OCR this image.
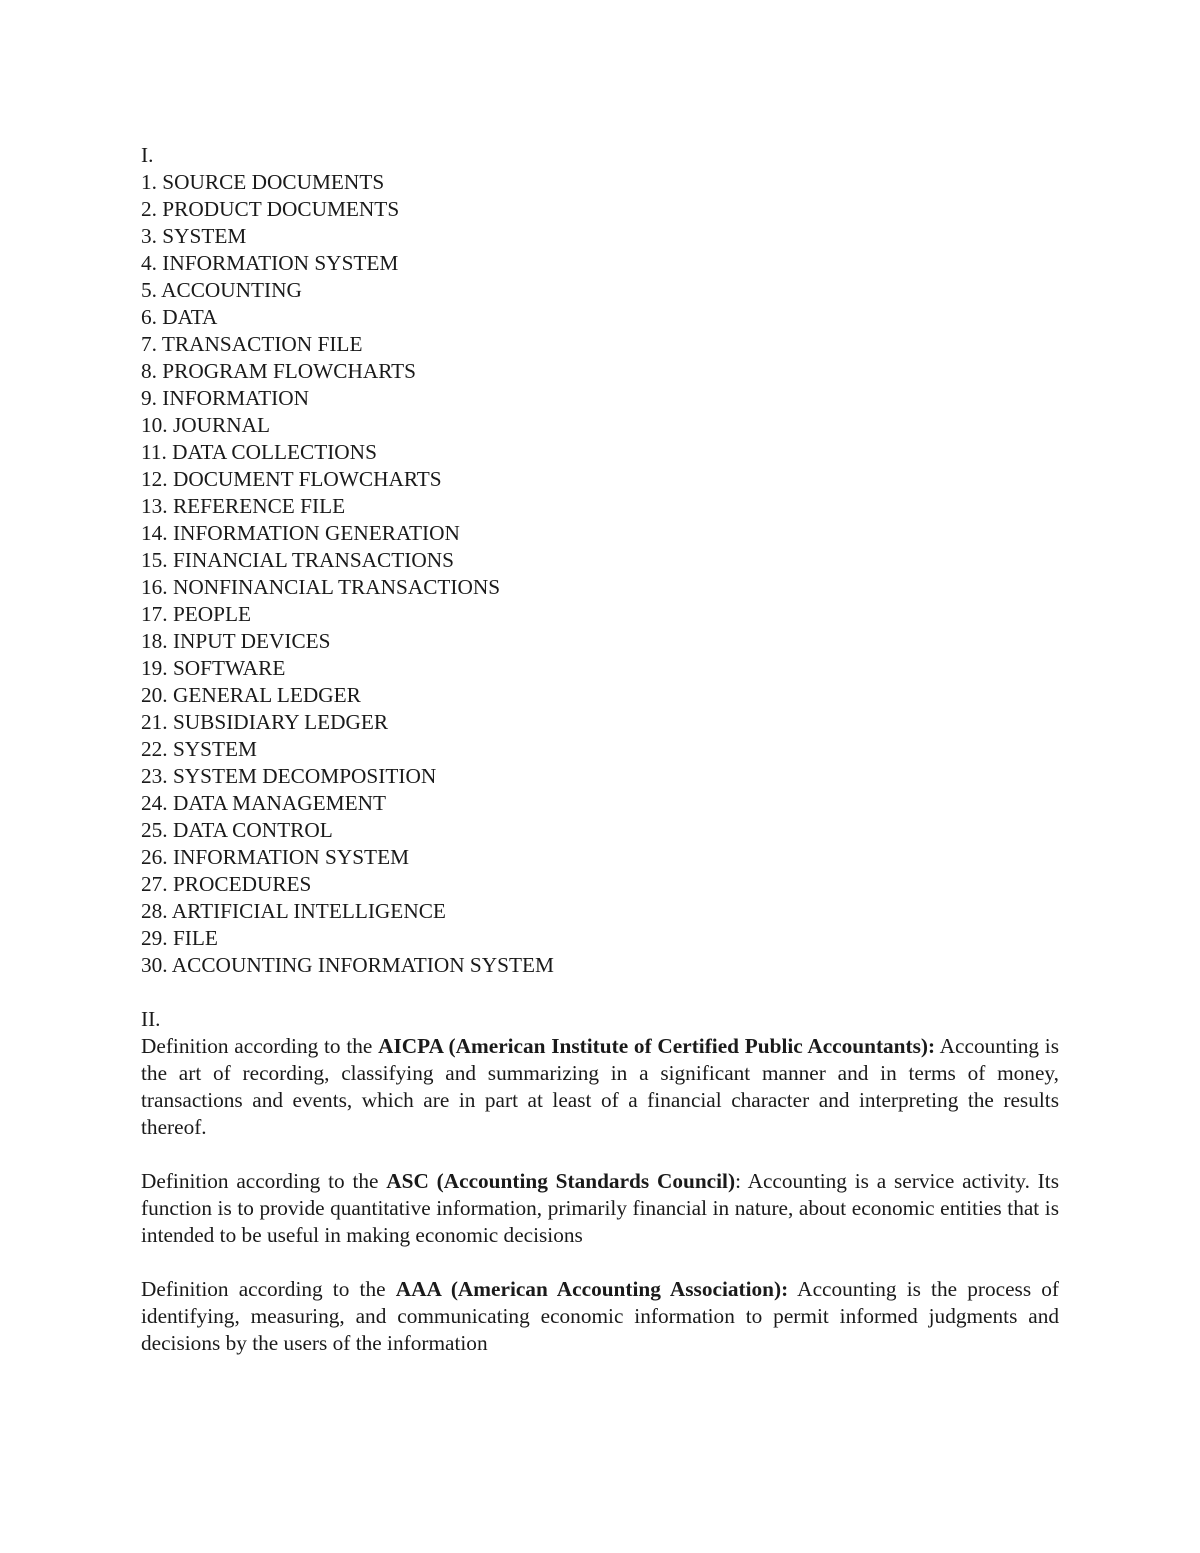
I.
1. SOURCE DOCUMENTS
2. PRODUCT DOCUMENTS
3. SYSTEM
4. INFORMATION SYSTEM
5. ACCOUNTING
6. DATA
7. TRANSACTION FILE
8. PROGRAM FLOWCHARTS
9. INFORMATION
10. JOURNAL
11. DATA COLLECTIONS
12. DOCUMENT FLOWCHARTS
13. REFERENCE FILE
14. INFORMATION GENERATION
15. FINANCIAL TRANSACTIONS
16. NONFINANCIAL TRANSACTIONS
17. PEOPLE
18. INPUT DEVICES
19. SOFTWARE
20. GENERAL LEDGER
21. SUBSIDIARY LEDGER
22. SYSTEM
23. SYSTEM DECOMPOSITION
24. DATA MANAGEMENT
25. DATA CONTROL
26. INFORMATION SYSTEM
27. PROCEDURES
28. ARTIFICIAL INTELLIGENCE
29. FILE
30. ACCOUNTING INFORMATION SYSTEM
II.

Definition according to the AICPA (American Institute of Certified Public Accountants): Accounting is the art of recording, classifying and summarizing in a significant manner and in terms of money, transactions and events, which are in part at least of a financial character and interpreting the results thereof.

Definition according to the ASC (Accounting Standards Council): Accounting is a service activity. Its function is to provide quantitative information, primarily financial in nature, about economic entities that is intended to be useful in making economic decisions

Definition according to the AAA (American Accounting Association): Accounting is the process of identifying, measuring, and communicating economic information to permit informed judgments and decisions by the users of the information
